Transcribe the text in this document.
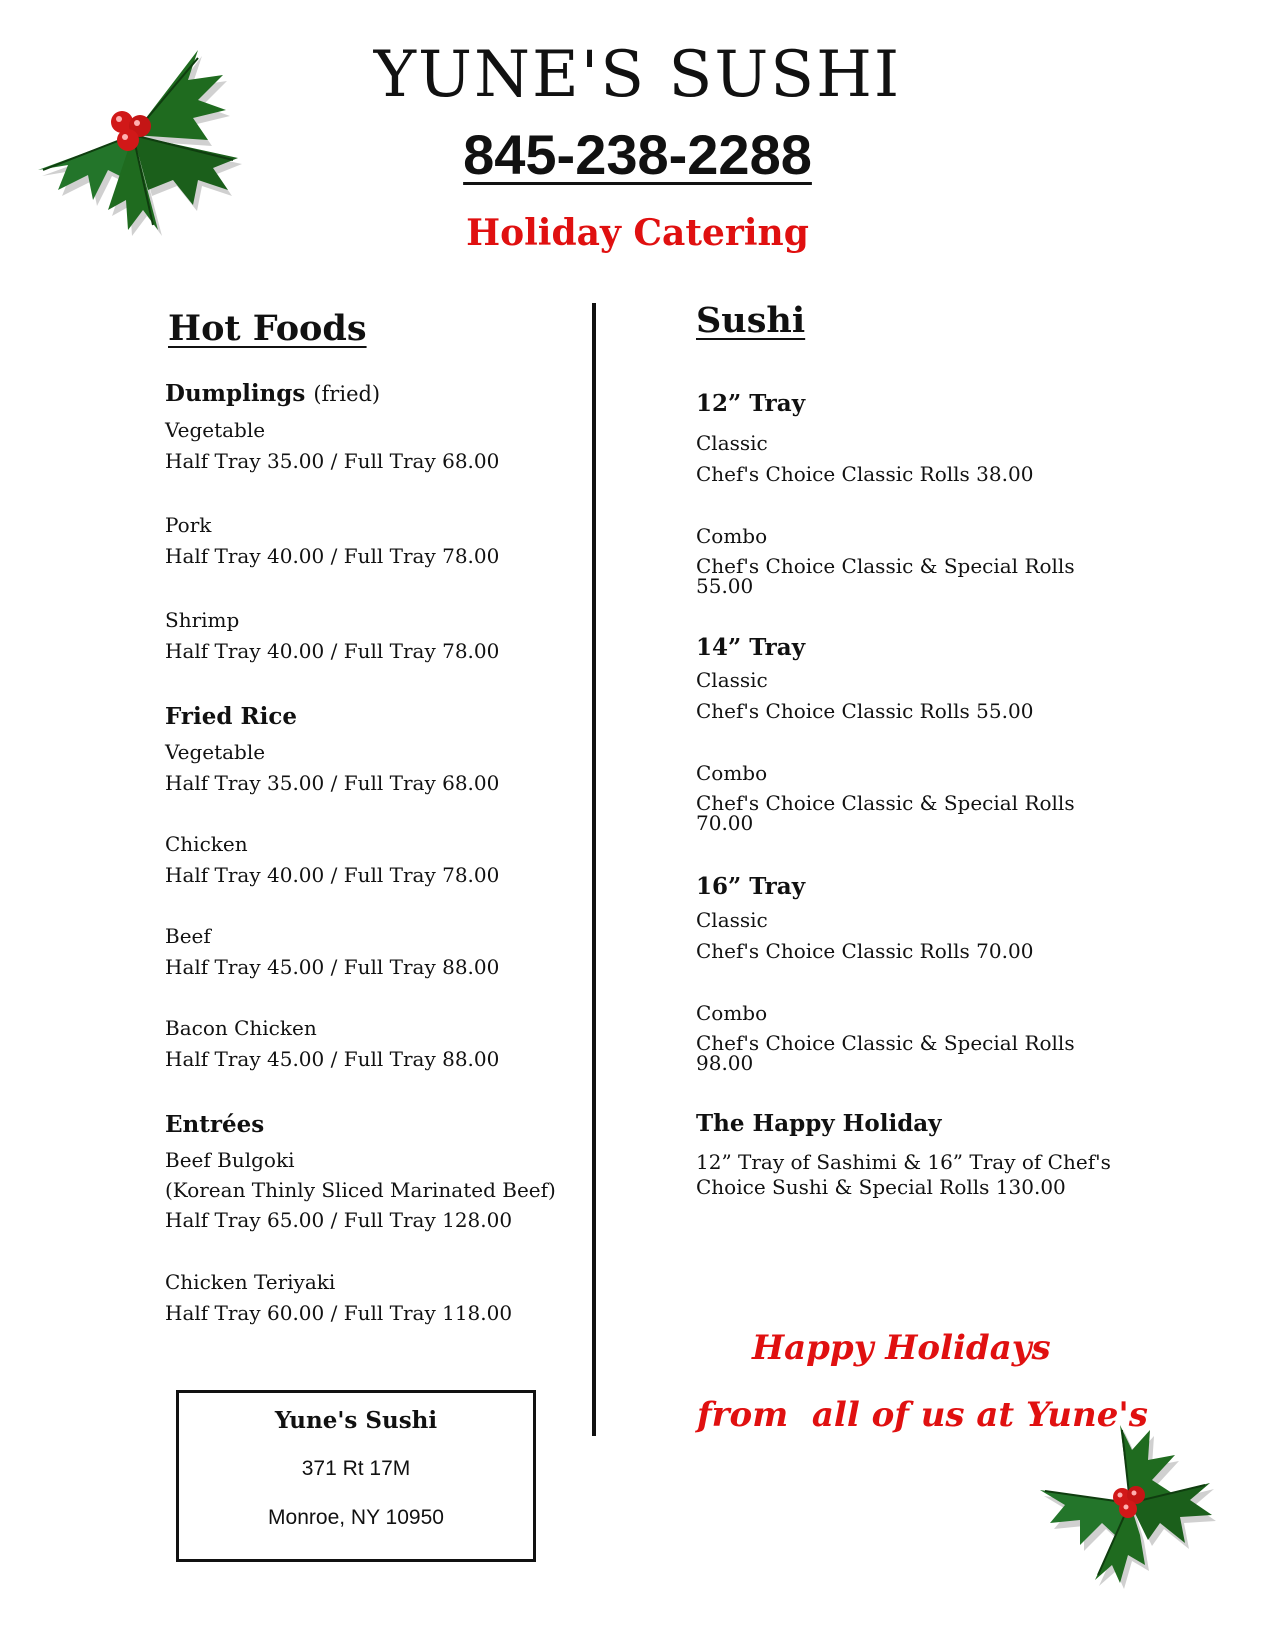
YUNE'S SUSHI
845-238-2288
Holiday Catering
Hot Foods
Dumplings (fried)
Vegetable
Half Tray 35.00 / Full Tray 68.00
Pork
Half Tray 40.00 / Full Tray 78.00
Shrimp
Half Tray 40.00 / Full Tray 78.00
Fried Rice
Vegetable
Half Tray 35.00 / Full Tray 68.00
Chicken
Half Tray 40.00 / Full Tray 78.00
Beef
Half Tray 45.00 / Full Tray 88.00
Bacon Chicken
Half Tray 45.00 / Full Tray 88.00
Entrées
Beef Bulgoki
(Korean Thinly Sliced Marinated Beef)
Half Tray 65.00 / Full Tray 128.00
Chicken Teriyaki
Half Tray 60.00 / Full Tray 118.00
Yune's Sushi
371 Rt 17M
Monroe, NY 10950
Sushi
12” Tray
Classic
Chef's Choice Classic Rolls 38.00
Combo
Chef's Choice Classic & Special Rolls
55.00
14” Tray
Classic
Chef's Choice Classic Rolls 55.00
Combo
Chef's Choice Classic & Special Rolls
70.00
16” Tray
Classic
Chef's Choice Classic Rolls 70.00
Combo
Chef's Choice Classic & Special Rolls
98.00
The Happy Holiday
12” Tray of Sashimi & 16” Tray of Chef's
Choice Sushi & Special Rolls 130.00
Happy Holidays
from  all of us at Yune's
